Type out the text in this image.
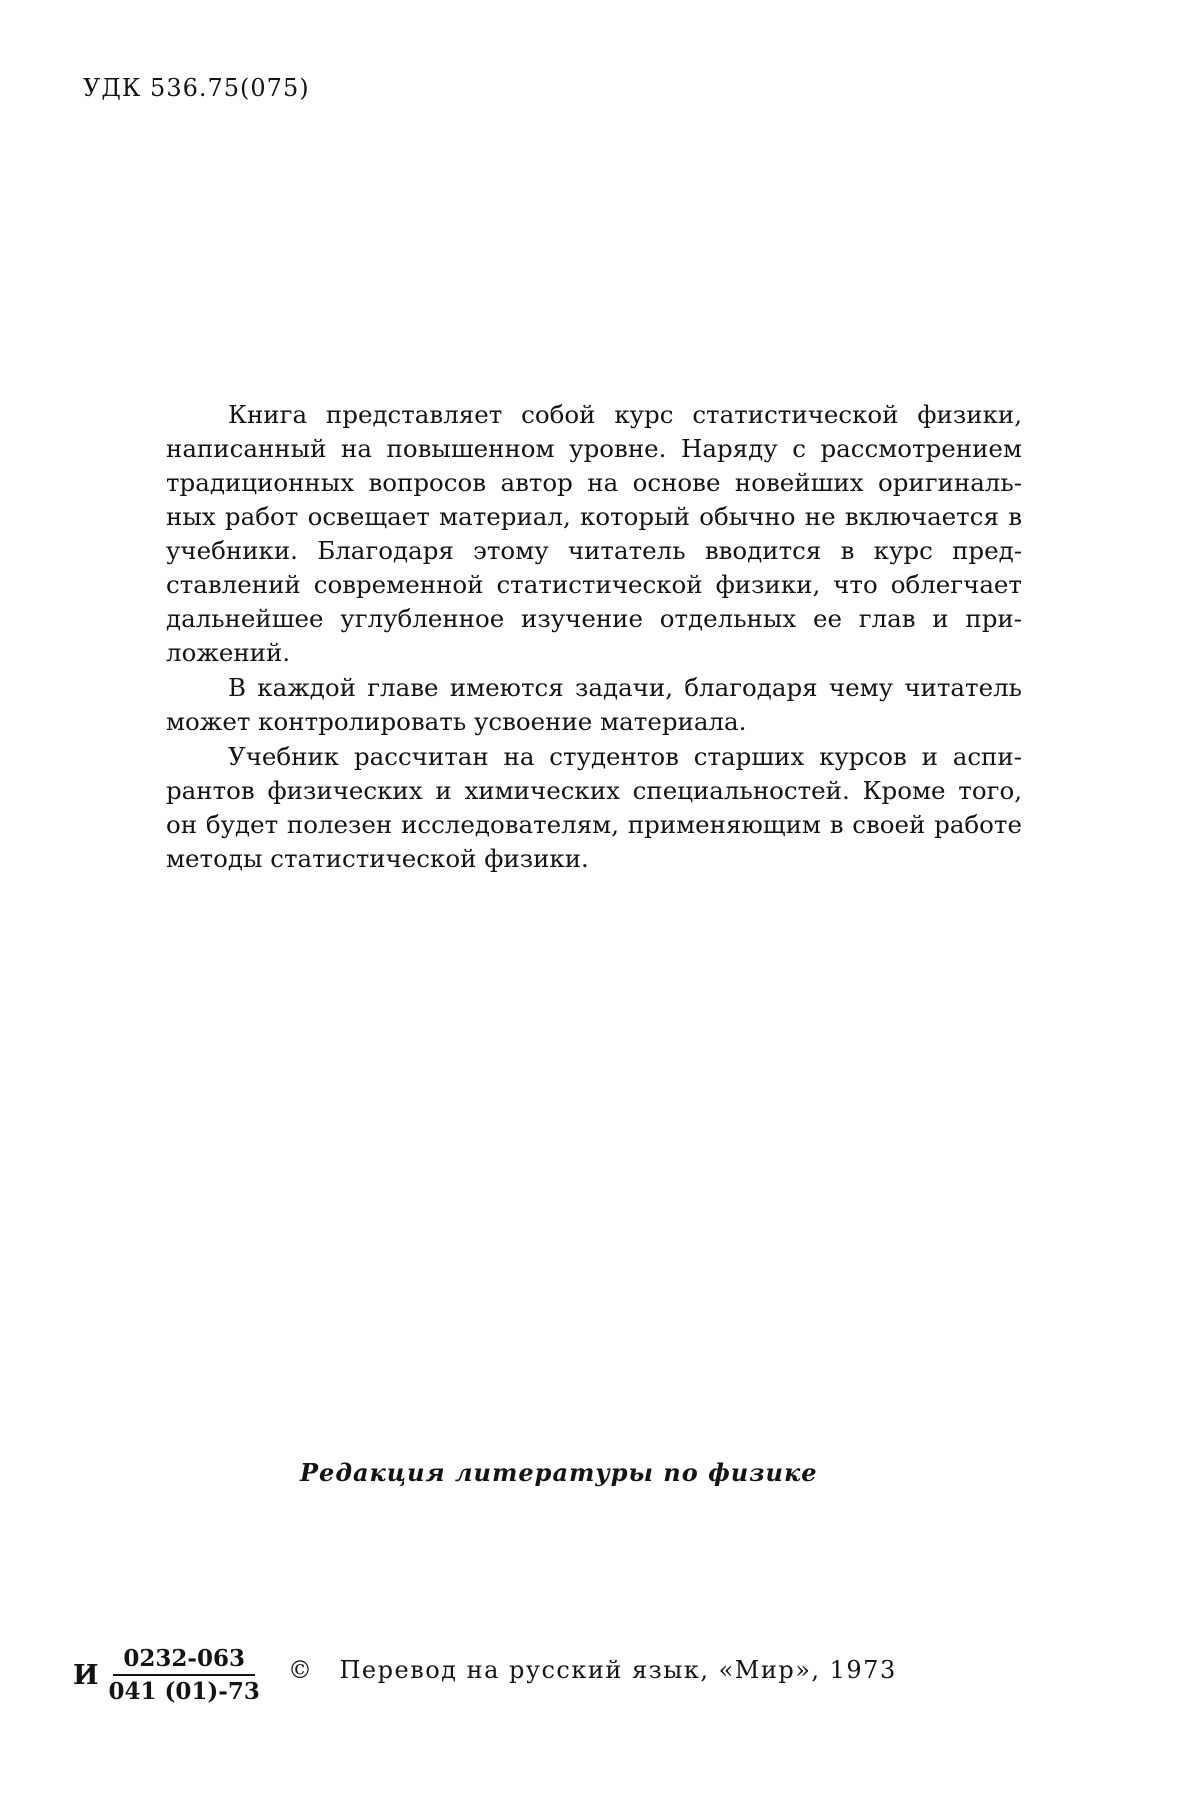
УДК 536.75(075)

Книга представляет собой курс статистической физики, написанный на повышенном уровне. Наряду с рассмотрением традиционных вопросов автор на основе новейших оригинальных работ освещает материал, который обычно не включается в учебники. Благодаря этому читатель вводится в курс представлений современной статистической физики, что облегчает дальнейшее углубленное изучение отдельных ее глав и приложений.

В каждой главе имеются задачи, благодаря чему читатель может контролировать усвоение материала.

Учебник рассчитан на студентов старших курсов и аспирантов физических и химических специальностей. Кроме того, он будет полезен исследователям, применяющим в своей работе методы статистической физики.

Редакция литературы по физике
И $\frac{0232-063}{041 (01)-73}$ © Перевод на русский язык, «Мир», 1973
